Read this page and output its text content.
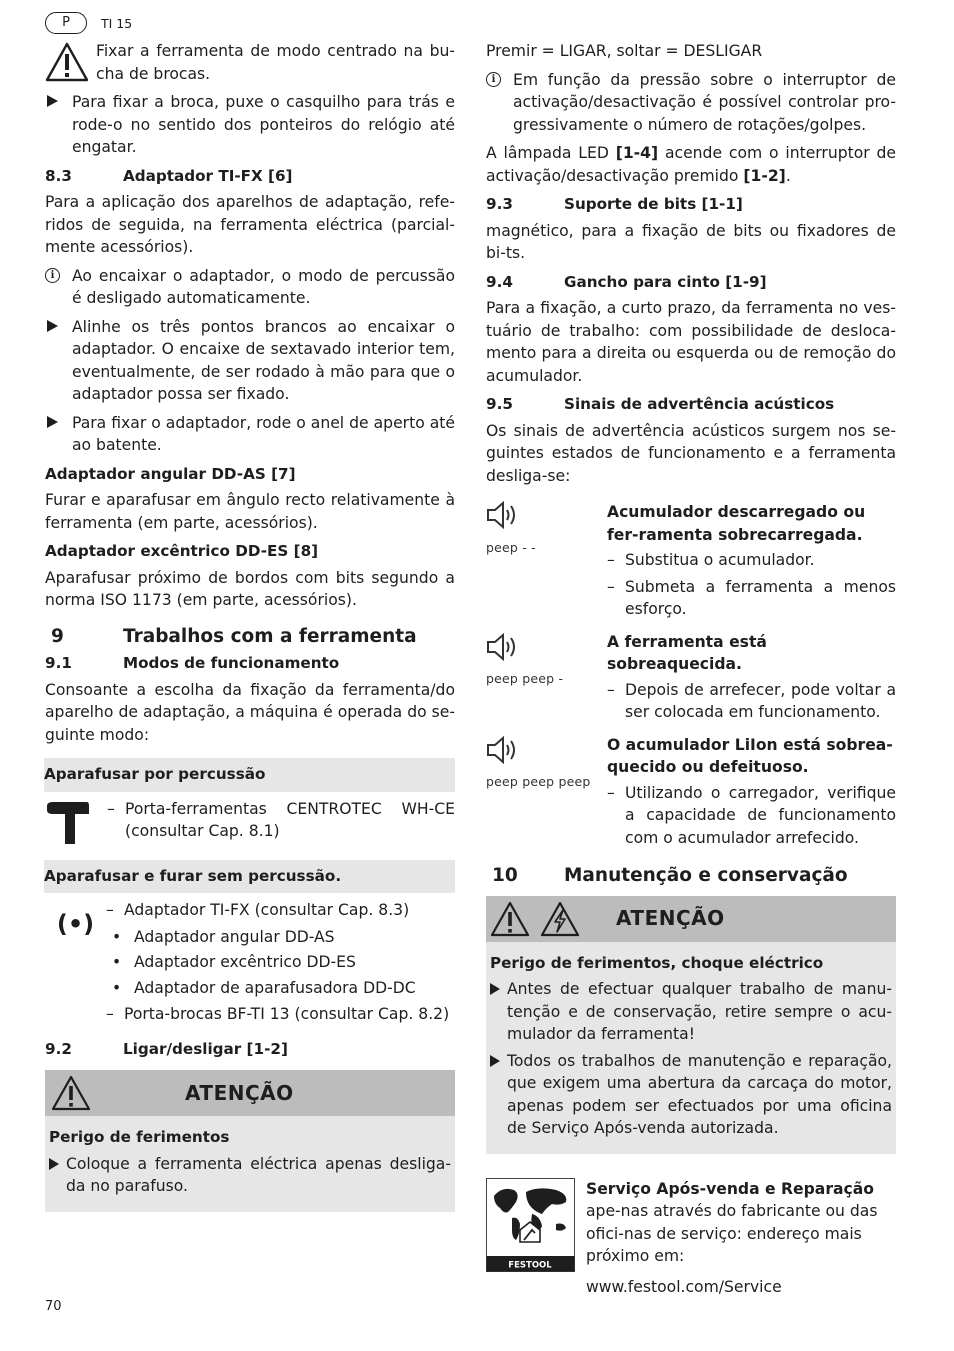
P	TI 15

Fixar a ferramenta de modo centrado na bu-cha de brocas.

Para fixar a broca, puxe o casquilho para trás e rode-o no sentido dos ponteiros do relógio até engatar.
8.3	Adaptador TI-FX [6]

Para a aplicação dos aparelhos de adaptação, refe-ridos de seguida, na ferramenta eléctrica (parcial-mente acessórios).

i	Ao encaixar o adaptador, o modo de percussão é desligado automaticamente.
Alinhe os três pontos brancos ao encaixar o adaptador. O encaixe de sextavado interior tem, eventualmente, de ser rodado à mão para que o adaptador possa ser fixado.
Para fixar o adaptador, rode o anel de aperto até ao batente.
Adaptador angular DD-AS [7]

Furar e aparafusar em ângulo recto relativamente à ferramenta (em parte, acessórios).

Adaptador excêntrico DD-ES [8]

Aparafusar próximo de bordos com bits segundo a norma ISO 1173 (em parte, acessórios).

9	Trabalhos com a ferramenta
9.1	Modos de funcionamento

Consoante a escolha da fixação da ferramenta/do aparelho de adaptação, a máquina é operada do se-guinte modo:

Aparafusar por percussão

– Porta-ferramentas CENTROTEC WH-CE (consultar Cap. 8.1)

Aparafusar e furar sem percussão.
(•)

–	Adaptador TI-FX (consultar Cap. 8.3)

• Adaptador angular DD-AS

• Adaptador excêntrico DD-ES

• Adaptador de aparafusadora DD-DC

– Porta-brocas BF-TI 13 (consultar Cap. 8.2)

9.2	Ligar/desligar [1-2]
ATENÇÃO
Perigo de ferimentos
Coloque a ferramenta eléctrica apenas desliga-da no parafuso.

Premir = LIGAR, soltar = DESLIGAR

i	Em função da pressão sobre o interruptor de activação/desactivação é possível controlar pro-gressivamente o número de rotações/golpes.

A lâmpada LED [1-4] acende com o interruptor de activação/desactivação premido [1-2].

9.3	Suporte de bits [1-1]

magnético, para a fixação de bits ou fixadores de bi-ts.

9.4	Gancho para cinto [1-9]

Para a fixação, a curto prazo, da ferramenta no ves-tuário de trabalho: com possibilidade de desloca-mento para a direita ou esquerda ou de remoção do acumulador.

9.5	Sinais de advertência acústicos

Os sinais de advertência acústicos surgem nos se-guintes estados de funcionamento e a ferramenta desliga-se:

peep - -
Acumulador descarregado ou fer-ramenta sobrecarregada.

– Substitua o acumulador.

– Submeta a ferramenta a menos esforço.

peep peep -
A ferramenta está sobreaquecida.

– Depois de arrefecer, pode voltar a ser colocada em funcionamento.

peep peep peep
O acumulador LiIon está sobrea-quecido ou defeituoso.

– Utilizando o carregador, verifique a capacidade de funcionamento com o acumulador arrefecido.

10	Manutenção e conservação
ATENÇÃO
Perigo de ferimentos, choque eléctrico
Antes de efectuar qualquer trabalho de manu-tenção e de conservação, retire sempre o acu-mulador da ferramenta!
Todos os trabalhos de manutenção e reparação, que exigem uma abertura da carcaça do motor, apenas podem ser efectuados por uma oficina de Serviço Após-venda autorizada.
FESTOOL

Serviço Após-venda e Reparação ape-nas através do fabricante ou das ofici-nas de serviço: endereço mais próximo em:

www.festool.com/Service
70
